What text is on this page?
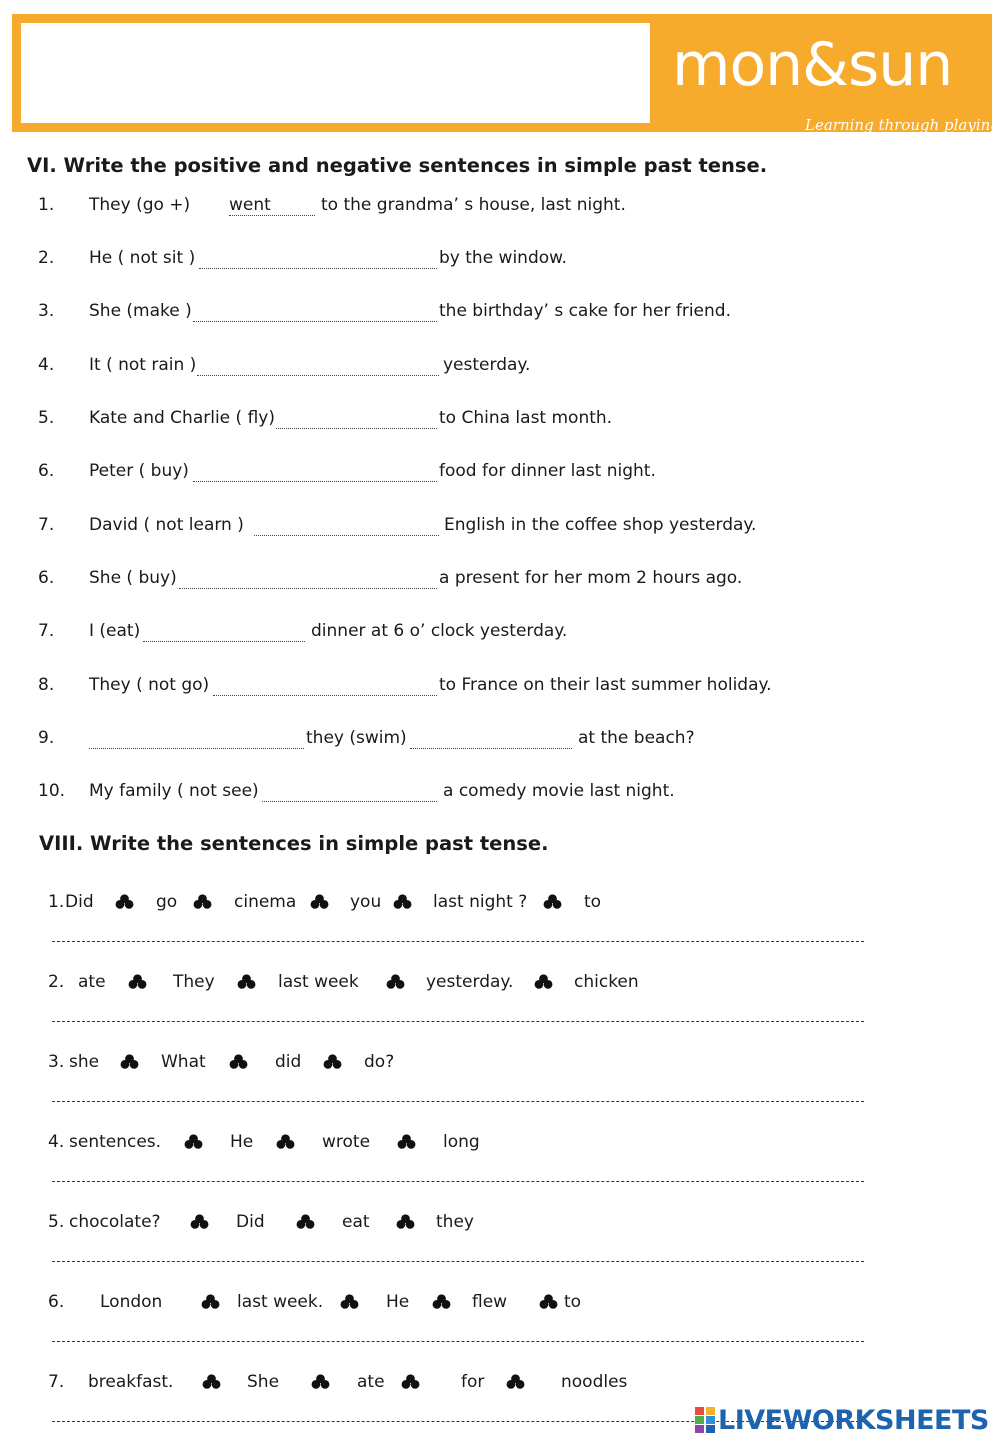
mon&sun
Learning through playing
VI. Write the positive and negative sentences in simple past tense.
1. They (go +) went	to the grandma’ s house, last night.
2. He ( not sit )	by the window.
3. She (make )	the birthday’ s cake for her friend.
4. It ( not rain )	yesterday.
5. Kate and Charlie ( fly)	to China last month.
6. Peter ( buy)	food for dinner last night.
7. David ( not learn )	English in the coffee shop yesterday.
6. She ( buy)	a present for her mom 2 hours ago.
7. I (eat)	dinner at 6 o’ clock yesterday.
8. They ( not go)	to France on their last summer holiday.
9.	they (swim)	at the beach?
10. My family ( not see)	a comedy movie last night.
VIII. Write the sentences in simple past tense.
1. Did	go	cinema	you	last night ?	to
2. ate	They	last week	yesterday.	chicken
3. she	What	did	do?
4. sentences.	He	wrote	long
5. chocolate?	Did	eat	they
6. London	last week.	He	flew	to
7. breakfast.	She	ate	for	noodles
LIVEWORKSHEETS
